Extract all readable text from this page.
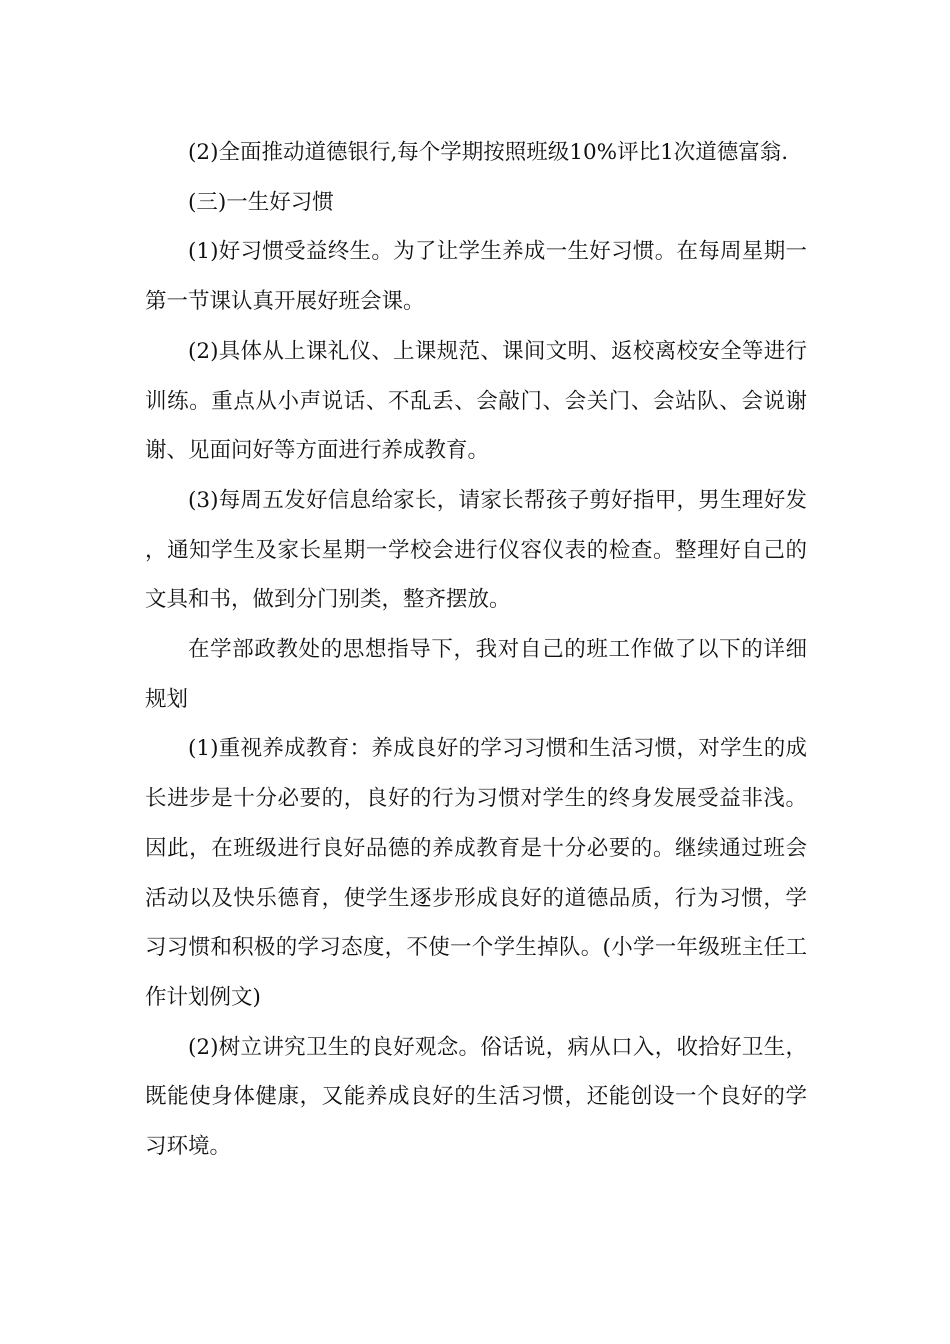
(2)全面推动道德银行,每个学期按照班级10%评比1次道德富翁.

(三)一生好习惯

(1)好习惯受益终生。为了让学生养成一生好习惯。在每周星期一第一节课认真开展好班会课。

(2)具体从上课礼仪、上课规范、课间文明、返校离校安全等进行训练。重点从小声说话、不乱丢、会敲门、会关门、会站队、会说谢谢、见面问好等方面进行养成教育。

(3)每周五发好信息给家长，请家长帮孩子剪好指甲，男生理好发，通知学生及家长星期一学校会进行仪容仪表的检查。整理好自己的文具和书，做到分门别类，整齐摆放。

在学部政教处的思想指导下，我对自己的班工作做了以下的详细规划

(1)重视养成教育：养成良好的学习习惯和生活习惯，对学生的成长进步是十分必要的，良好的行为习惯对学生的终身发展受益非浅。因此，在班级进行良好品德的养成教育是十分必要的。继续通过班会活动以及快乐德育，使学生逐步形成良好的道德品质，行为习惯，学习习惯和积极的学习态度，不使一个学生掉队。(小学一年级班主任工作计划例文)

(2)树立讲究卫生的良好观念。俗话说，病从口入，收拾好卫生，既能使身体健康，又能养成良好的生活习惯，还能创设一个良好的学习环境。
